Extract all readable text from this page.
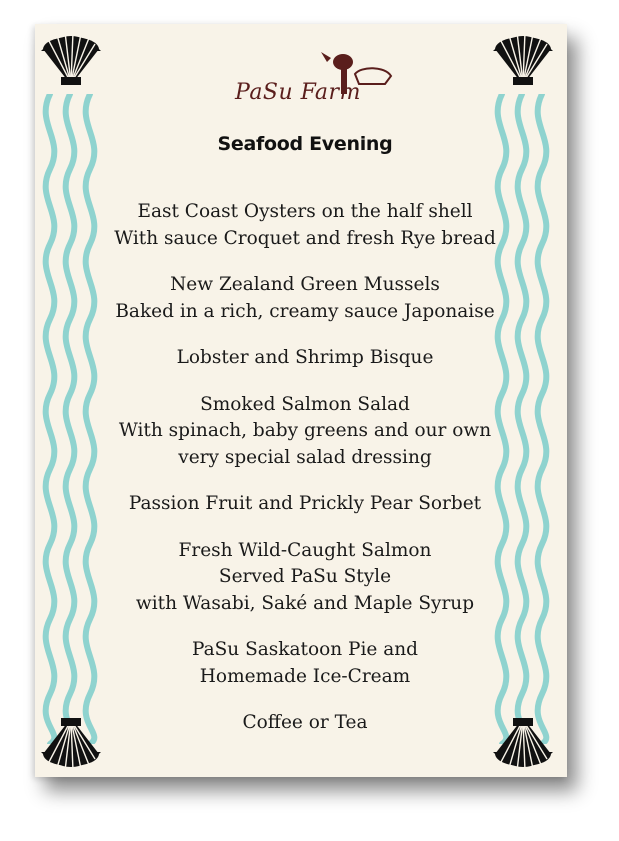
PaSu Farm
Seafood Evening
East Coast Oysters on the half shell
With sauce Croquet and fresh Rye bread
New Zealand Green Mussels
Baked in a rich, creamy sauce Japonaise
Lobster and Shrimp Bisque
Smoked Salmon Salad
With spinach, baby greens and our own
very special salad dressing
Passion Fruit and Prickly Pear Sorbet
Fresh Wild-Caught Salmon
Served PaSu Style
with Wasabi, Saké and Maple Syrup
PaSu Saskatoon Pie and
Homemade Ice-Cream
Coffee or Tea
